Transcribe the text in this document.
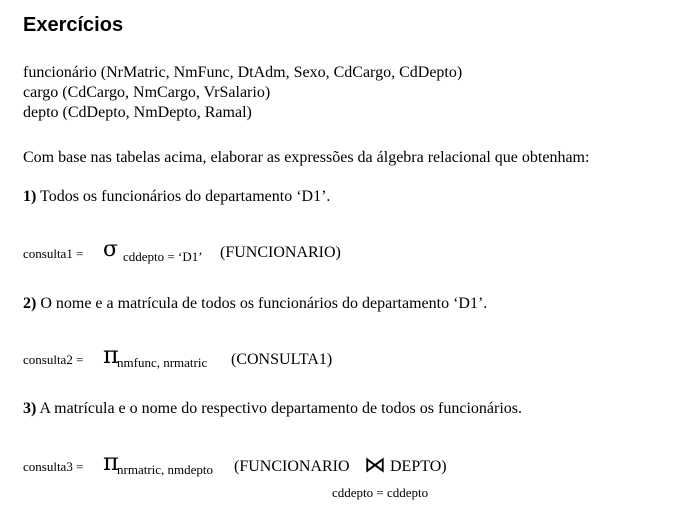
Exercícios
funcionário (NrMatric, NmFunc, DtAdm, Sexo, CdCargo, CdDepto)
cargo (CdCargo, NmCargo, VrSalario)
depto (CdDepto, NmDepto, Ramal)
Com base nas tabelas acima, elaborar as expressões da álgebra relacional que obtenham:
1) Todos os funcionários do departamento ‘D1’.
consulta1 = σ cddepto = ‘D1’ (FUNCIONARIO)
2) O nome e a matrícula de todos os funcionários do departamento ‘D1’.
consulta2 = π
nmfunc, nrmatric (CONSULTA1)
3) A matrícula e o nome do respectivo departamento de todos os funcionários.
consulta3 = π
nrmatric, nmdepto (FUNCIONARIO ⋈ DEPTO)
cddepto = cddepto
